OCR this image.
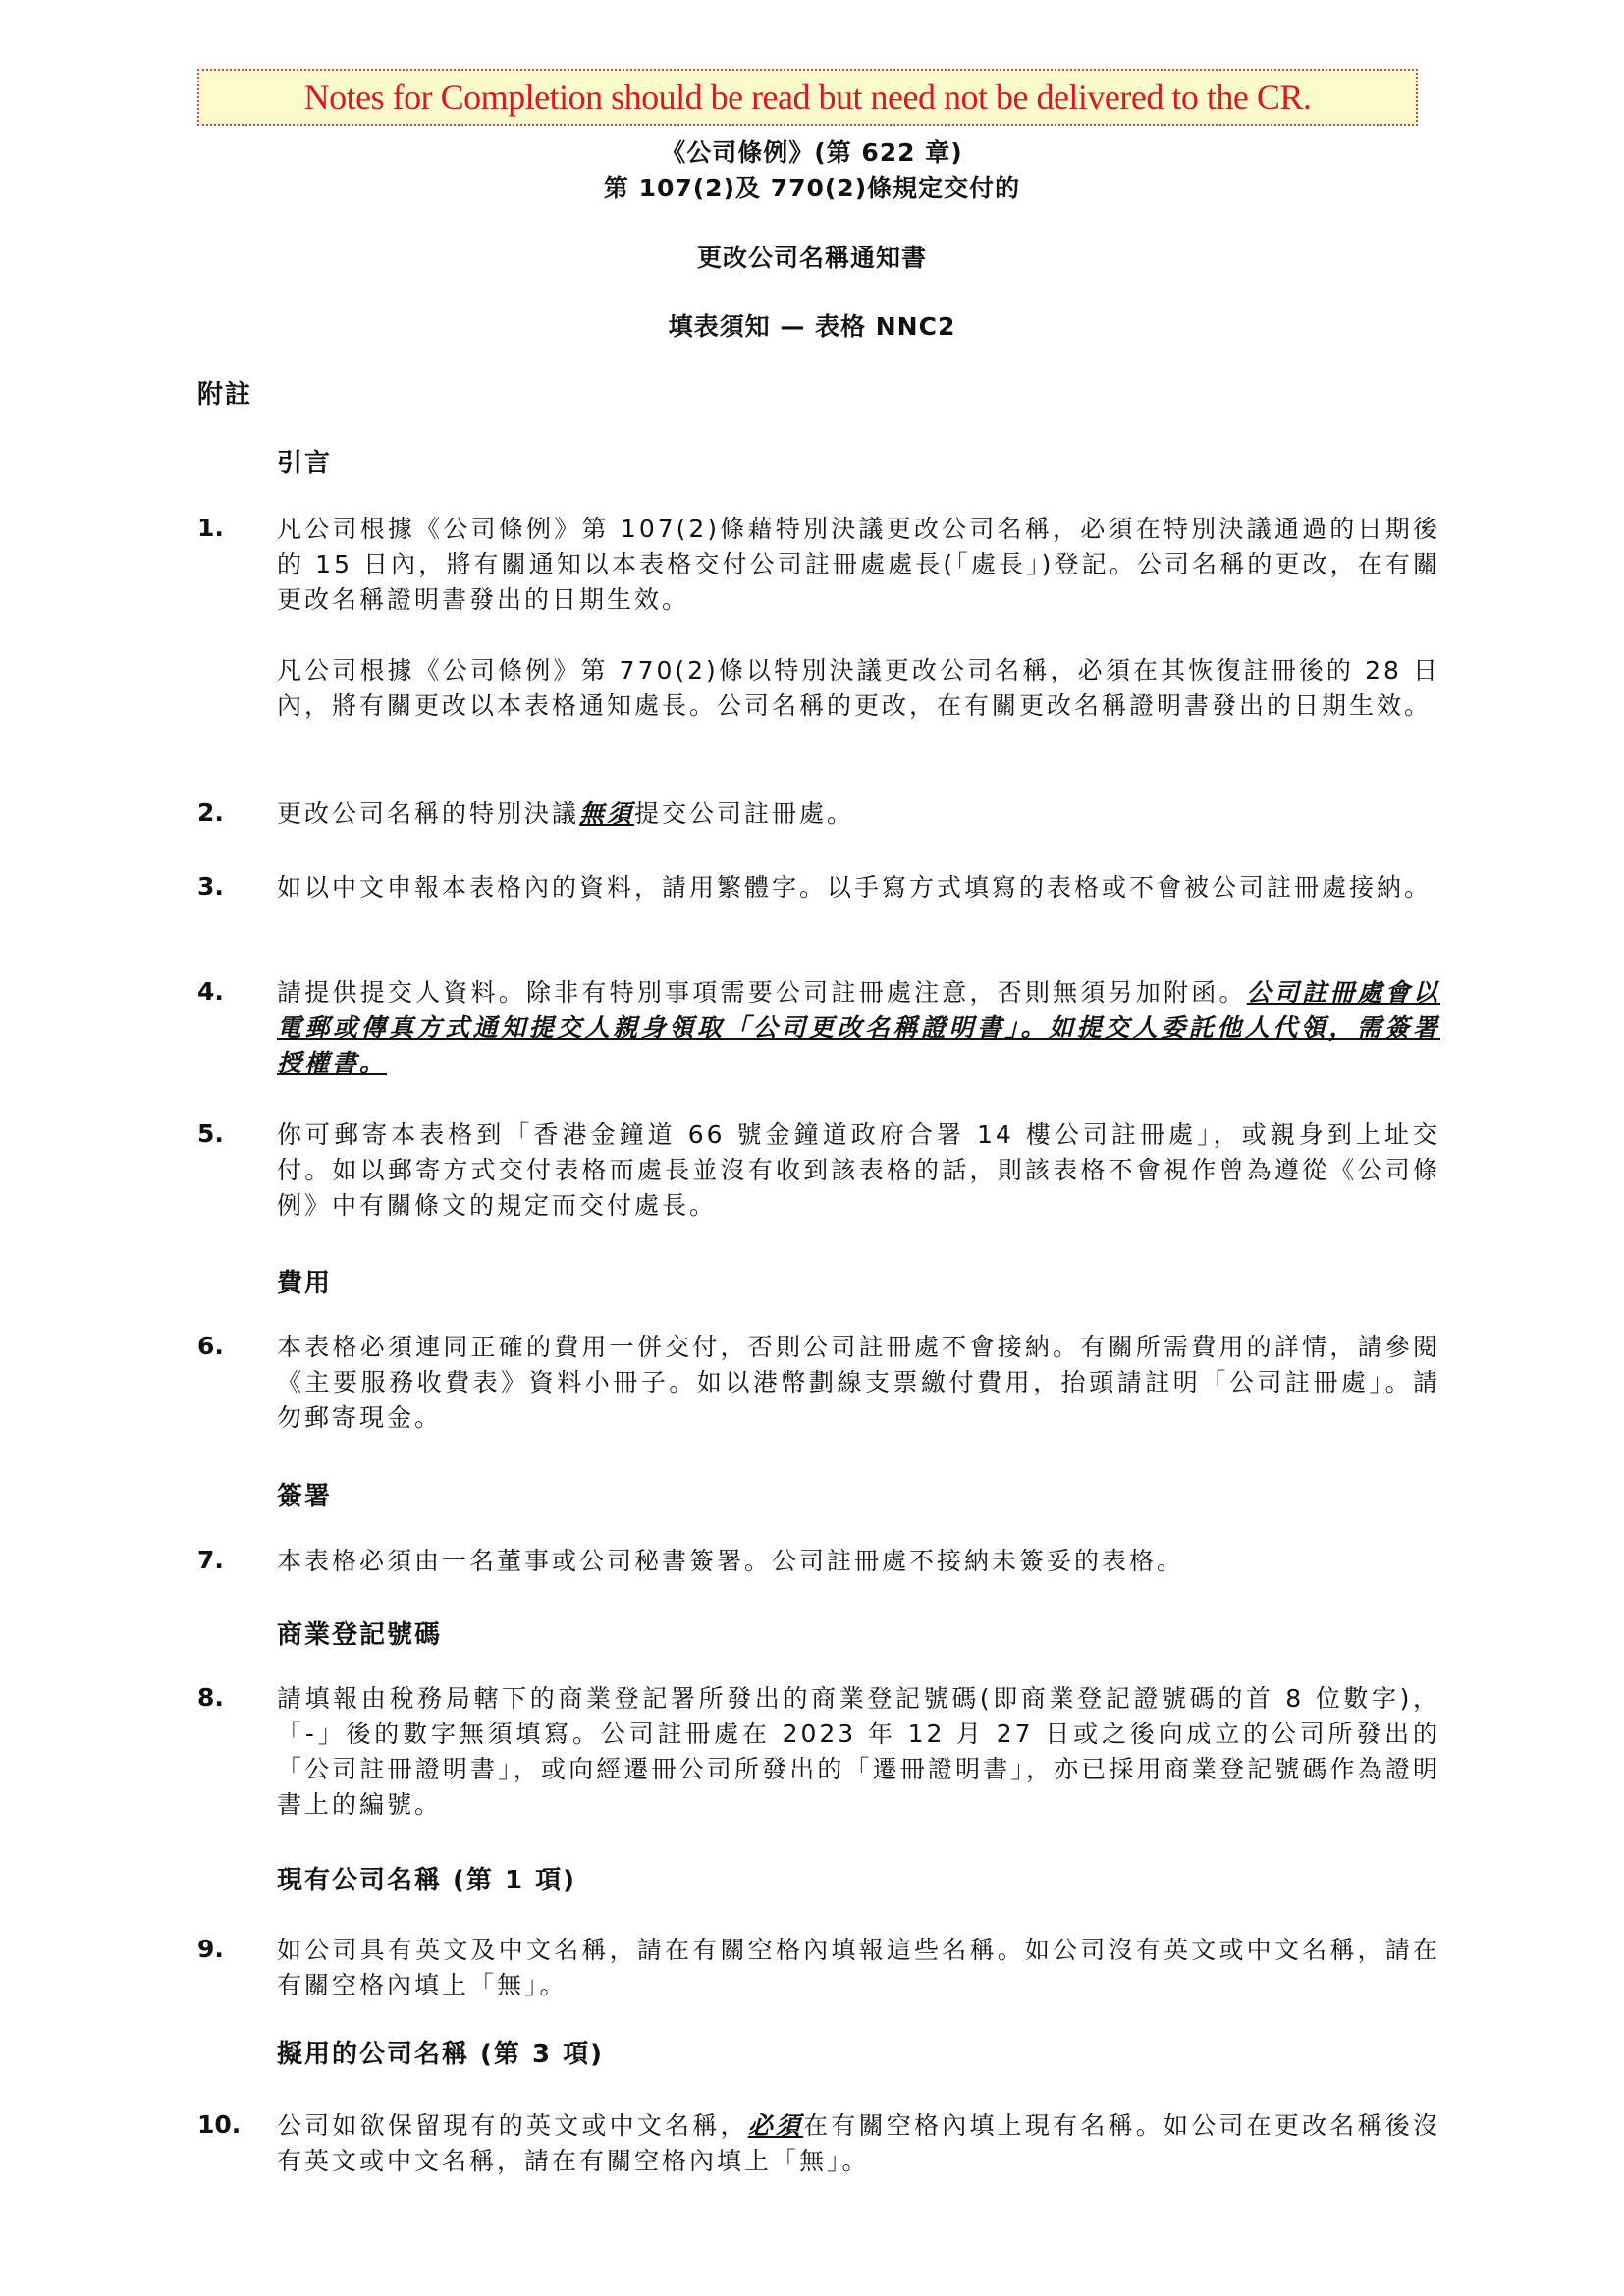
Notes for Completion should be read but need not be delivered to the CR.
《公司條例》(第 622 章)
第 107(2)及 770(2)條規定交付的
更改公司名稱通知書
填表須知 — 表格 NNC2
附註
引言
1. 凡公司根據《公司條例》第 107(2)條藉特別決議更改公司名稱，必須在特別決議通過的日期後的 15 日內，將有關通知以本表格交付公司註冊處處長(「處長」)登記。公司名稱的更改，在有關更改名稱證明書發出的日期生效。

凡公司根據《公司條例》第 770(2)條以特別決議更改公司名稱，必須在其恢復註冊後的 28 日內，將有關更改以本表格通知處長。公司名稱的更改，在有關更改名稱證明書發出的日期生效。

2. 更改公司名稱的特別決議無須提交公司註冊處。

3. 如以中文申報本表格內的資料，請用繁體字。以手寫方式填寫的表格或不會被公司註冊處接納。

4. 請提供提交人資料。除非有特別事項需要公司註冊處注意，否則無須另加附函。公司註冊處會以電郵或傳真方式通知提交人親身領取「公司更改名稱證明書」。如提交人委託他人代領，需簽署授權書。

5. 你可郵寄本表格到「香港金鐘道 66 號金鐘道政府合署 14 樓公司註冊處」，或親身到上址交付。如以郵寄方式交付表格而處長並沒有收到該表格的話，則該表格不會視作曾為遵從《公司條例》中有關條文的規定而交付處長。

費用
6. 本表格必須連同正確的費用一併交付，否則公司註冊處不會接納。有關所需費用的詳情，請參閱《主要服務收費表》資料小冊子。如以港幣劃線支票繳付費用，抬頭請註明「公司註冊處」。請勿郵寄現金。

簽署
7. 本表格必須由一名董事或公司秘書簽署。公司註冊處不接納未簽妥的表格。

商業登記號碼
8. 請填報由稅務局轄下的商業登記署所發出的商業登記號碼(即商業登記證號碼的首 8 位數字)，「-」後的數字無須填寫。公司註冊處在 2023 年 12 月 27 日或之後向成立的公司所發出的「公司註冊證明書」，或向經遷冊公司所發出的「遷冊證明書」，亦已採用商業登記號碼作為證明書上的編號。

現有公司名稱 (第 1 項)
9. 如公司具有英文及中文名稱，請在有關空格內填報這些名稱。如公司沒有英文或中文名稱，請在有關空格內填上「無」。

擬用的公司名稱 (第 3 項)
10. 公司如欲保留現有的英文或中文名稱，必須在有關空格內填上現有名稱。如公司在更改名稱後沒有英文或中文名稱，請在有關空格內填上「無」。
